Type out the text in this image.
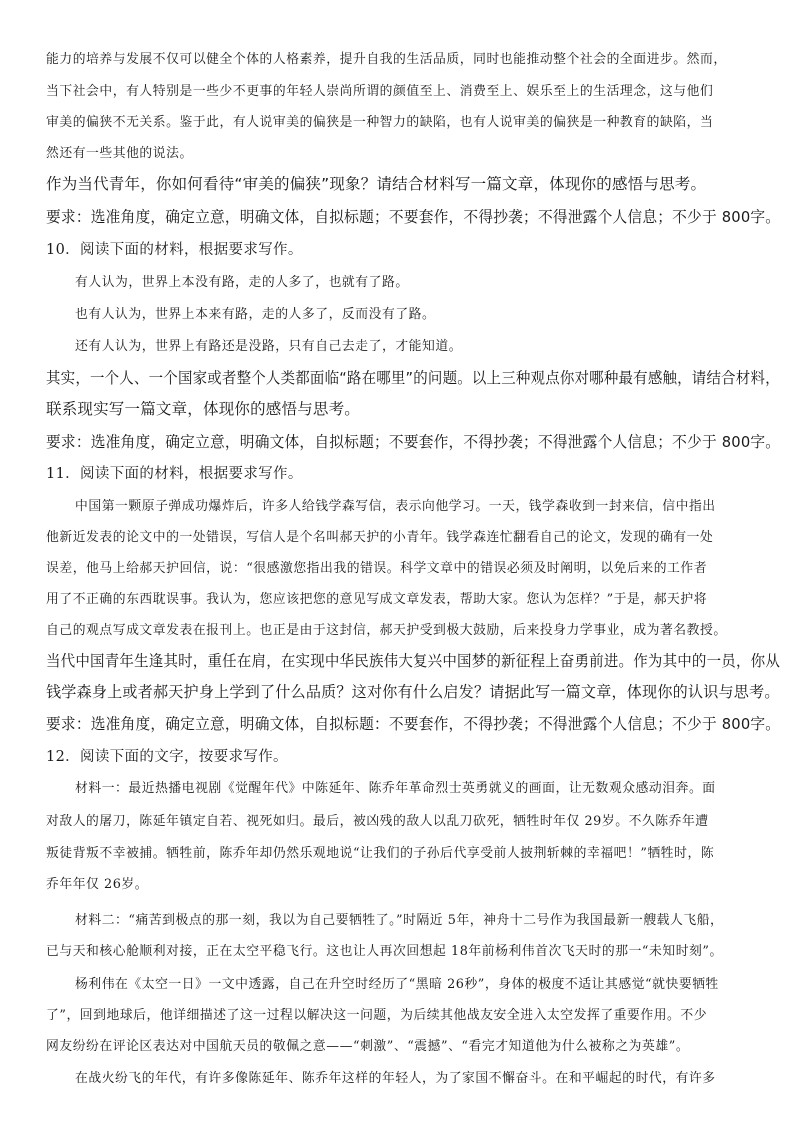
能力的培养与发展不仅可以健全个体的人格素养，提升自我的生活品质，同时也能推动整个社会的全面进步。然而，
当下社会中，有人特别是一些少不更事的年轻人崇尚所谓的颜值至上、消费至上、娱乐至上的生活理念，这与他们
审美的偏狭不无关系。鉴于此，有人说审美的偏狭是一种智力的缺陷，也有人说审美的偏狭是一种教育的缺陷，当
然还有一些其他的说法。
作为当代青年，你如何看待“审美的偏狭”现象？请结合材料写一篇文章，体现你的感悟与思考。
要求：选准角度，确定立意，明确文体，自拟标题；不要套作，不得抄袭；不得泄露个人信息；不少于 800字。
10．阅读下面的材料，根据要求写作。
有人认为，世界上本没有路，走的人多了，也就有了路。
也有人认为，世界上本来有路，走的人多了，反而没有了路。
还有人认为，世界上有路还是没路，只有自己去走了，才能知道。
其实，一个人、一个国家或者整个人类都面临“路在哪里”的问题。以上三种观点你对哪种最有感触，请结合材料，
联系现实写一篇文章，体现你的感悟与思考。
要求：选准角度，确定立意，明确文体，自拟标题；不要套作，不得抄袭；不得泄露个人信息；不少于 800字。
11．阅读下面的材料，根据要求写作。
中国第一颗原子弹成功爆炸后，许多人给钱学森写信，表示向他学习。一天，钱学森收到一封来信，信中指出
他新近发表的论文中的一处错误，写信人是个名叫郝天护的小青年。钱学森连忙翻看自己的论文，发现的确有一处
误差，他马上给郝天护回信，说：“很感激您指出我的错误。科学文章中的错误必须及时阐明，以免后来的工作者
用了不正确的东西耽误事。我认为，您应该把您的意见写成文章发表，帮助大家。您认为怎样？”于是，郝天护将
自己的观点写成文章发表在报刊上。也正是由于这封信，郝天护受到极大鼓励，后来投身力学事业，成为著名教授。
当代中国青年生逢其时，重任在肩，在实现中华民族伟大复兴中国梦的新征程上奋勇前进。作为其中的一员，你从
钱学森身上或者郝天护身上学到了什么品质？这对你有什么启发？请据此写一篇文章，体现你的认识与思考。
要求：选准角度，确定立意，明确文体，自拟标题：不要套作，不得抄袭；不得泄露个人信息；不少于 800字。
12．阅读下面的文字，按要求写作。
材料一：最近热播电视剧《觉醒年代》中陈延年、陈乔年革命烈士英勇就义的画面，让无数观众感动泪奔。面
对敌人的屠刀，陈延年镇定自若、视死如归。最后，被凶残的敌人以乱刀砍死，牺牲时年仅 29岁。不久陈乔年遭
叛徒背叛不幸被捕。牺牲前，陈乔年却仍然乐观地说“让我们的子孙后代享受前人披荆斩棘的幸福吧！”牺牲时，陈
乔年年仅 26岁。
材料二：“痛苦到极点的那一刻，我以为自己要牺牲了。”时隔近 5年，神舟十二号作为我国最新一艘载人飞船，
已与天和核心舱顺利对接，正在太空平稳飞行。这也让人再次回想起 18年前杨利伟首次飞天时的那一“未知时刻”。
杨利伟在《太空一日》一文中透露，自己在升空时经历了“黑暗 26秒”，身体的极度不适让其感觉“就快要牺牲
了”，回到地球后，他详细描述了这一过程以解决这一问题，为后续其他战友安全进入太空发挥了重要作用。不少
网友纷纷在评论区表达对中国航天员的敬佩之意——“刺激”、“震撼”、“看完才知道他为什么被称之为英雄”。
在战火纷飞的年代，有许多像陈延年、陈乔年这样的年轻人，为了家国不懈奋斗。在和平崛起的时代，有许多
